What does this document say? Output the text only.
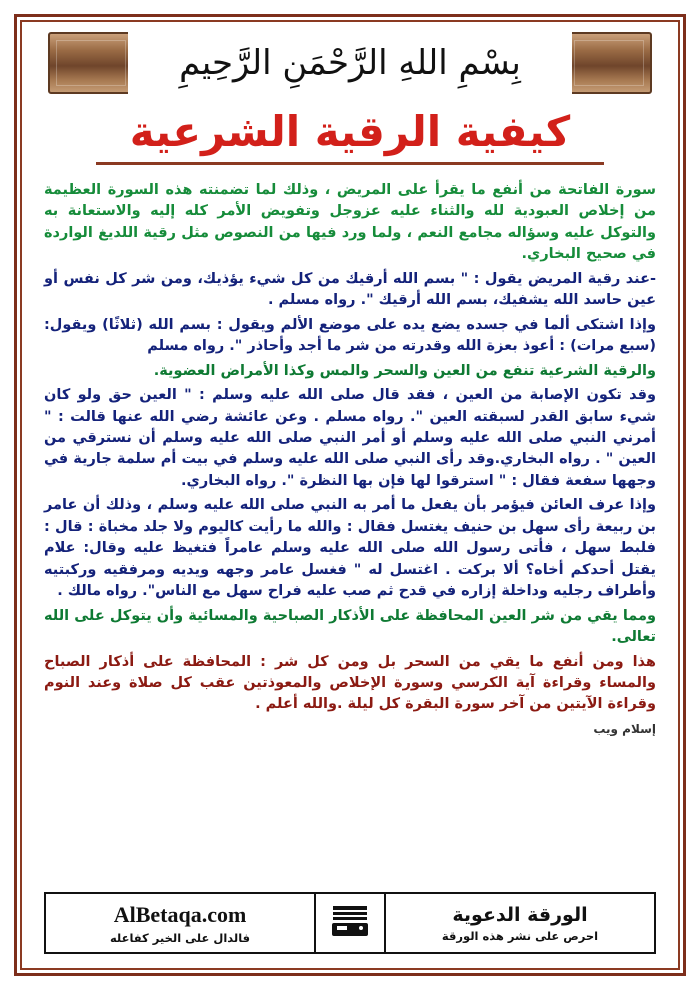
بِسْمِ اللهِ الرَّحْمَنِ الرَّحِيمِ
كيفية الرقية الشرعية

سورة الفاتحة من أنفع ما يقرأ على المريض ، وذلك لما تضمنته هذه السورة العظيمة من إخلاص العبودية لله والثناء عليه عزوجل وتفويض الأمر كله إليه والاستعانة به والتوكل عليه وسؤاله مجامع النعم ، ولما ورد فيها من النصوص مثل رقية اللديغ الواردة في صحيح البخاري.

-عند رقية المريض يقول : " بسم الله أرقيك من كل شيء يؤذيك، ومن شر كل نفس أو عين حاسد الله يشفيك، بسم الله أرقيك ". رواه مسلم .

وإذا اشتكى ألما في جسده يضع يده على موضع الألم ويقول : بسم الله (ثلاثًا) ويقول: (سبع مرات) : أعوذ بعزة الله وقدرته من شر ما أجد وأحاذر ". رواه مسلم

والرقية الشرعية تنفع من العين والسحر والمس وكذا الأمراض العضوية.

وقد تكون الإصابة من العين ، فقد قال صلى الله عليه وسلم : " العين حق ولو كان شيء سابق القدر لسبقته العين ". رواه مسلم . وعن عائشة رضي الله عنها قالت : " أمرني النبي صلى الله عليه وسلم أو أمر النبي صلى الله عليه وسلم أن نسترقي من العين " . رواه البخاري.وقد رأى النبي صلى الله عليه وسلم في بيت أم سلمة جارية في وجهها سفعة فقال : " استرقوا لها فإن بها النظرة ". رواه البخاري.

وإذا عرف العائن فيؤمر بأن يفعل ما أمر به النبي صلى الله عليه وسلم ، وذلك أن عامر بن ربيعة رأى سهل بن حنيف يغتسل فقال : والله ما رأيت كاليوم ولا جلد مخباة : قال : فلبط سهل ، فأتى رسول الله صلى الله عليه وسلم عامراً فتغيظ عليه وقال: علام يقتل أحدكم أخاه؟ ألا بركت . اغتسل له " فغسل عامر وجهه ويديه ومرفقيه وركبتيه وأطراف رجليه وداخلة إزاره في قدح ثم صب عليه فراح سهل مع الناس". رواه مالك .

ومما يقي من شر العين المحافظة على الأذكار الصباحية والمسائية وأن يتوكل على الله تعالى.

هذا ومن أنفع ما يقي من السحر بل ومن كل شر : المحافظة على أذكار الصباح والمساء وقراءة آية الكرسي وسورة الإخلاص والمعوذتين عقب كل صلاة وعند النوم وقراءة الآيتين من آخر سورة البقرة كل ليلة .والله أعلم .

إسلام ويب
الورقة الدعوية
احرص على نشر هذه الورقة
AlBetaqa.com
فالدال على الخير كفاعله
